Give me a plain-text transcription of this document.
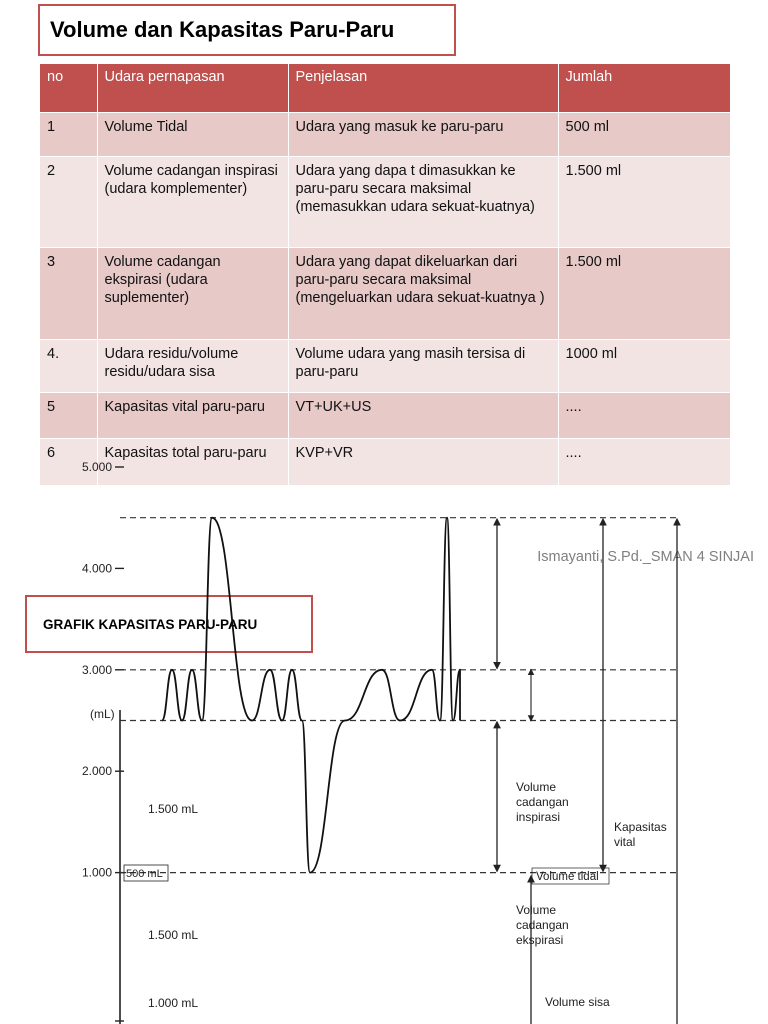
Volume dan Kapasitas Paru-Paru
no	Udara pernapasan	Penjelasan	Jumlah
1	Volume Tidal	Udara yang masuk ke paru-paru	500 ml
2	Volume cadangan inspirasi (udara komplementer)	Udara yang dapa t dimasukkan ke paru-paru secara maksimal (memasukkan udara sekuat-kuatnya)	1.500 ml
3	Volume cadangan ekspirasi (udara suplementer)	Udara yang dapat dikeluarkan dari paru-paru secara maksimal (mengeluarkan udara sekuat-kuatnya )	1.500 ml
4.	Udara residu/volume residu/udara sisa	Volume udara yang masih tersisa di paru-paru	1000 ml
5	Kapasitas vital paru-paru	VT+UK+US	....
6	Kapasitas total paru-paru	KVP+VR	....
Ismayanti, S.Pd._SMAN 4 SINJAI
GRAFIK KAPASITAS PARU-PARU
(mL)
5.000
4.000
3.000
2.000
1.000
1.500 mL
500 mL
1.500 mL
1.000 mL
Volume cadangan inspirasi
Kapasitas vital
Volume tidal
Volume cadangan ekspirasi
Volume sisa
